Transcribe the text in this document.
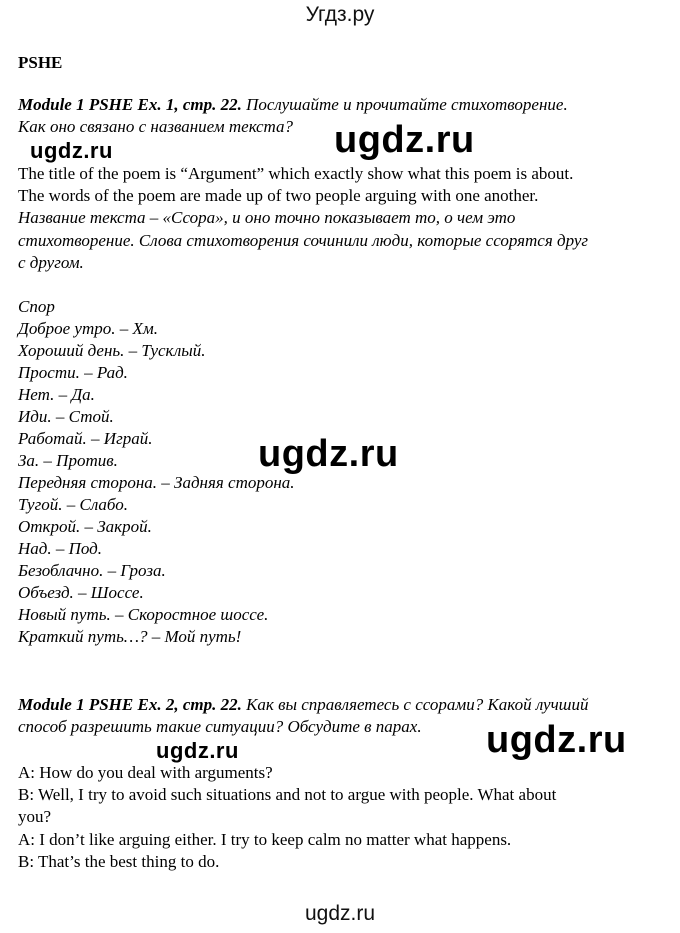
Угдз.ру
PSHE
Module 1 PSHE Ex. 1, стр. 22. Послушайте и прочитайте стихотворение.
Как оно связано с названием текста? ugdz.ru
ugdz.ru
The title of the poem is “Argument” which exactly show what this poem is about.
The words of the poem are made up of two people arguing with one another.
Название текста – «Ссора», и оно точно показывает то, о чем это
стихотворение. Слова стихотворения сочинили люди, которые ссорятся друг
с другом.
Спор
Доброе утро. – Хм.
Хороший день. – Тусклый.
Прости. – Рад.
Нет. – Да.
Иди. – Стой.
Работай. – Играй.
За. – Против.
Передняя сторона. – Задняя сторона.
Тугой. – Слабо.
Открой. – Закрой.
Над. – Под.
Безоблачно. – Гроза.
Объезд. – Шоссе.
Новый путь. – Скоростное шоссе.
Краткий путь…? – Мой путь!
ugdz.ru
Module 1 PSHE Ex. 2, стр. 22. Как вы справляетесь с ссорами? Какой лучший
способ разрешить такие ситуации? Обсудите в парах.
ugdz.ru	ugdz.ru
A: How do you deal with arguments?
B: Well, I try to avoid such situations and not to argue with people. What about
you?
A: I don’t like arguing either. I try to keep calm no matter what happens.
B: That’s the best thing to do.
ugdz.ru
